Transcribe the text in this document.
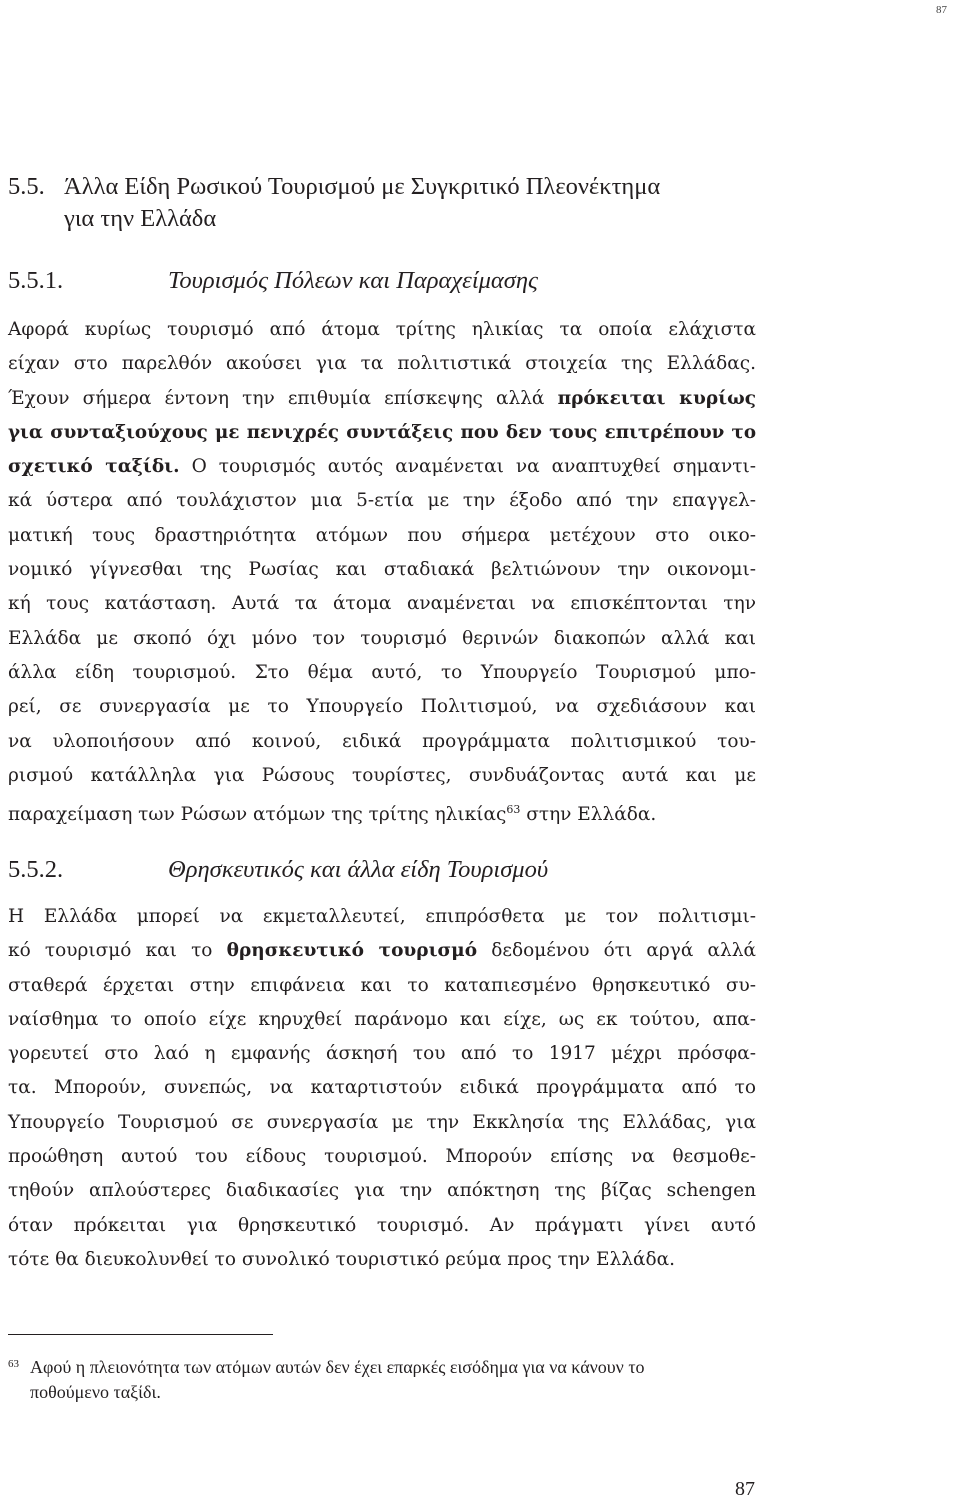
87
5.5. Άλλα Είδη Ρωσικού Τουρισμού με Συγκριτικό Πλεονέκτημα
για την Ελλάδα
5.5.1.	Τουρισμός Πόλεων και Παραχείμασης
Αφορά κυρίως τουρισμό από άτομα τρίτης ηλικίας τα οποία ελάχιστα
είχαν στο παρελθόν ακούσει για τα πολιτιστικά στοιχεία της Ελλάδας.
Έχουν σήμερα έντονη την επιθυμία επίσκεψης αλλά πρόκειται κυρίως
για συνταξιούχους με πενιχρές συντάξεις που δεν τους επιτρέπουν το
σχετικό ταξίδι. Ο τουρισμός αυτός αναμένεται να αναπτυχθεί σημαντι-
κά ύστερα από τουλάχιστον μια 5-ετία με την έξοδο από την επαγγελ-
ματική τους δραστηριότητα ατόμων που σήμερα μετέχουν στο οικο-
νομικό γίγνεσθαι της Ρωσίας και σταδιακά βελτιώνουν την οικονομι-
κή τους κατάσταση. Αυτά τα άτομα αναμένεται να επισκέπτονται την
Ελλάδα με σκοπό όχι μόνο τον τουρισμό θερινών διακοπών αλλά και
άλλα είδη τουρισμού. Στο θέμα αυτό, το Υπουργείο Τουρισμού μπο-
ρεί, σε συνεργασία με το Υπουργείο Πολιτισμού, να σχεδιάσουν και
να υλοποιήσουν από κοινού, ειδικά προγράμματα πολιτισμικού του-
ρισμού κατάλληλα για Ρώσους τουρίστες, συνδυάζοντας αυτά και με
παραχείμαση των Ρώσων ατόμων της τρίτης ηλικίας$^{63}$ στην Ελλάδα.
5.5.2.	Θρησκευτικός και άλλα είδη Τουρισμού
Η Ελλάδα μπορεί να εκμεταλλευτεί, επιπρόσθετα με τον πολιτισμι-
κό τουρισμό και το θρησκευτικό τουρισμό δεδομένου ότι αργά αλλά
σταθερά έρχεται στην επιφάνεια και το καταπιεσμένο θρησκευτικό συ-
ναίσθημα το οποίο είχε κηρυχθεί παράνομο και είχε, ως εκ τούτου, απα-
γορευτεί στο λαό η εμφανής άσκησή του από το 1917 μέχρι πρόσφα-
τα. Μπορούν, συνεπώς, να καταρτιστούν ειδικά προγράμματα από το
Υπουργείο Τουρισμού σε συνεργασία με την Εκκλησία της Ελλάδας, για
προώθηση αυτού του είδους τουρισμού. Μπορούν επίσης να θεσμοθε-
τηθούν απλούστερες διαδικασίες για την απόκτηση της βίζας schengen
όταν πρόκειται για θρησκευτικό τουρισμό. Αν πράγματι γίνει αυτό
τότε θα διευκολυνθεί το συνολικό τουριστικό ρεύμα προς την Ελλάδα.
63 Αφού η πλειονότητα των ατόμων αυτών δεν έχει επαρκές εισόδημα για να κάνουν το
ποθούμενο ταξίδι.
87
